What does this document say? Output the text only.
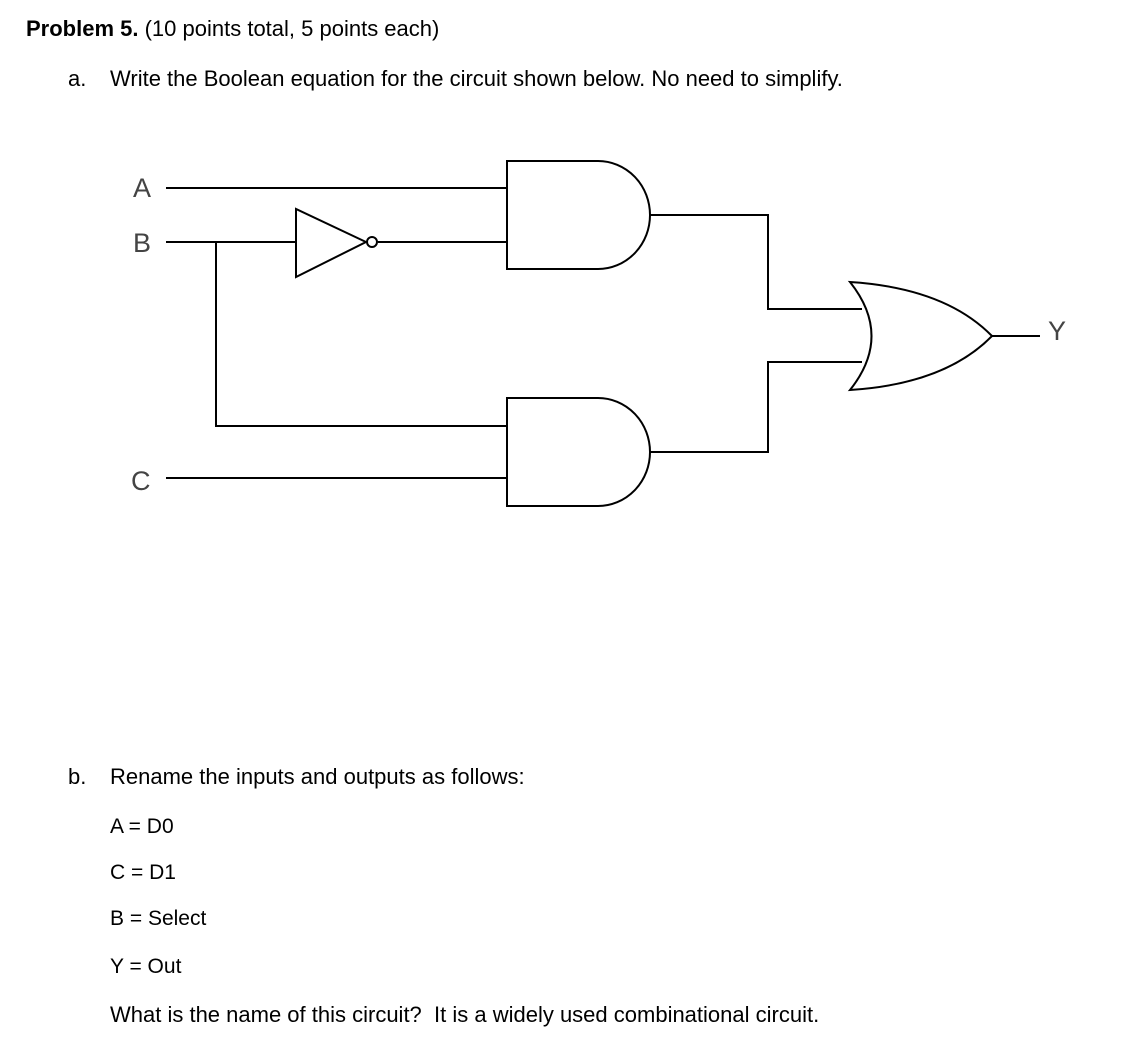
Problem 5. (10 points total, 5 points each)
a. Write the Boolean equation for the circuit shown below. No need to simplify.
A
B
C
Y
b. Rename the inputs and outputs as follows:
A = D0
C = D1
B = Select
Y = Out
What is the name of this circuit?  It is a widely used combinational circuit.
